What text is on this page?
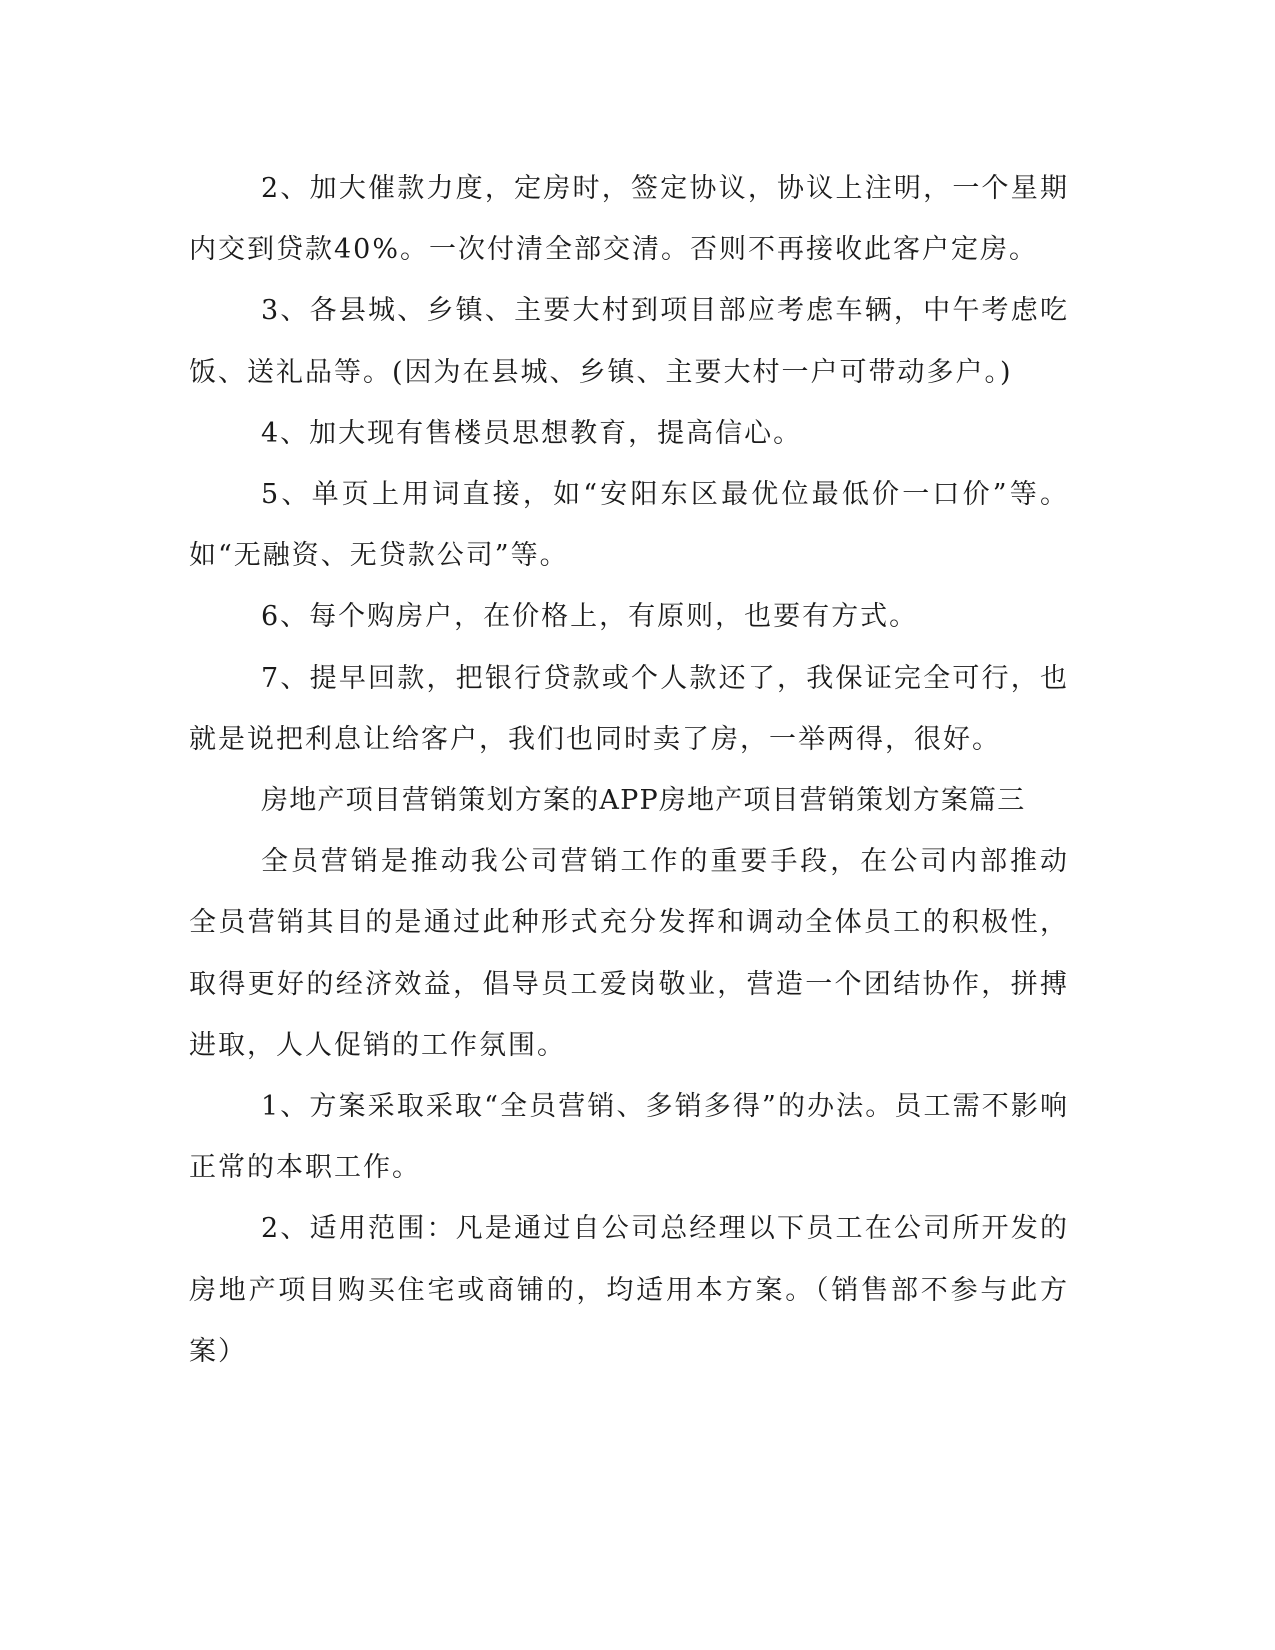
2、加大催款力度，定房时，签定协议，协议上注明，一个星期内交到贷款40%。一次付清全部交清。否则不再接收此客户定房。

3、各县城、乡镇、主要大村到项目部应考虑车辆，中午考虑吃饭、送礼品等。(因为在县城、乡镇、主要大村一户可带动多户。)

4、加大现有售楼员思想教育，提高信心。

5、单页上用词直接，如“安阳东区最优位最低价一口价”等。如“无融资、无贷款公司”等。

6、每个购房户，在价格上，有原则，也要有方式。

7、提早回款，把银行贷款或个人款还了，我保证完全可行，也就是说把利息让给客户，我们也同时卖了房，一举两得，很好。

房地产项目营销策划方案的APP房地产项目营销策划方案篇三

全员营销是推动我公司营销工作的重要手段，在公司内部推动全员营销其目的是通过此种形式充分发挥和调动全体员工的积极性，取得更好的经济效益，倡导员工爱岗敬业，营造一个团结协作，拼搏进取，人人促销的工作氛围。

1、方案采取采取“全员营销、多销多得”的办法。员工需不影响正常的本职工作。

2、适用范围：凡是通过自公司总经理以下员工在公司所开发的房地产项目购买住宅或商铺的，均适用本方案。（销售部不参与此方案）
